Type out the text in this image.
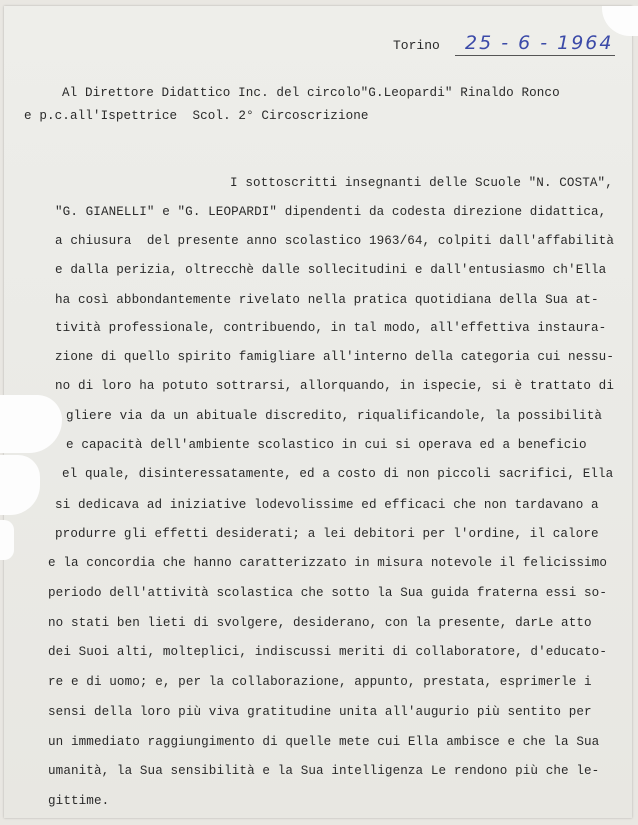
Torino 25 - 6 - 1964
Al Direttore Didattico Inc. del circolo"G.Leopardi" Rinaldo Ronco
e p.c.all'Ispettrice  Scol. 2° Circoscrizione
I sottoscritti insegnanti delle Scuole "N. COSTA",
"G. GIANELLI" e "G. LEOPARDI" dipendenti da codesta direzione didattica,
a chiusura  del presente anno scolastico 1963/64, colpiti dall'affabilità
e dalla perizia, oltrecchè dalle sollecitudini e dall'entusiasmo ch'Ella
ha così abbondantemente rivelato nella pratica quotidiana della Sua at-
tività professionale, contribuendo, in tal modo, all'effettiva instaura-
zione di quello spirito famigliare all'interno della categoria cui nessu-
no di loro ha potuto sottrarsi, allorquando, in ispecie, si è trattato di
gliere via da un abituale discredito, riqualificandole, la possibilità
e capacità dell'ambiente scolastico in cui si operava ed a beneficio
el quale, disinteressatamente, ed a costo di non piccoli sacrifici, Ella
si dedicava ad iniziative lodevolissime ed efficaci che non tardavano a
produrre gli effetti desiderati; a lei debitori per l'ordine, il calore
e la concordia che hanno caratterizzato in misura notevole il felicissimo
periodo dell'attività scolastica che sotto la Sua guida fraterna essi so-
no stati ben lieti di svolgere, desiderano, con la presente, darLe atto
dei Suoi alti, molteplici, indiscussi meriti di collaboratore, d'educato-
re e di uomo; e, per la collaborazione, appunto, prestata, esprimerle i
sensi della loro più viva gratitudine unita all'augurio più sentito per
un immediato raggiungimento di quelle mete cui Ella ambisce e che la Sua
umanità, la Sua sensibilità e la Sua intelligenza Le rendono più che le-
gittime.
